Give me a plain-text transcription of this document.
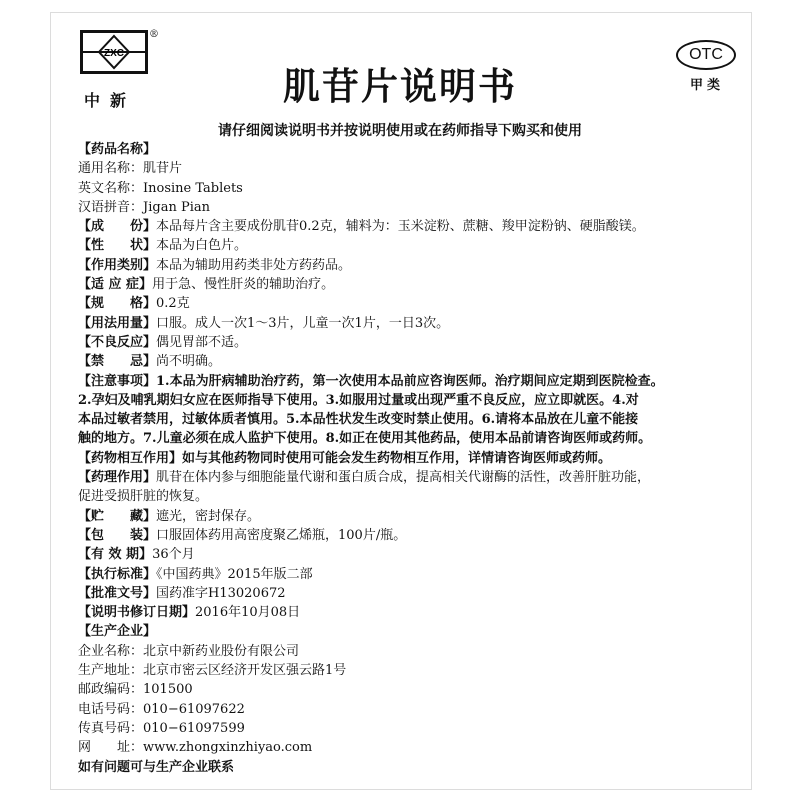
ZXC
®
中新
OTC
甲类
肌苷片说明书
请仔细阅读说明书并按说明使用或在药师指导下购买和使用
【药品名称】
通用名称：肌苷片
英文名称：Inosine Tablets
汉语拼音：Jigan Pian
【成　　份】本品每片含主要成份肌苷0.2克，辅料为：玉米淀粉、蔗糖、羧甲淀粉钠、硬脂酸镁。
【性　　状】本品为白色片。
【作用类别】本品为辅助用药类非处方药药品。
【适 应 症】用于急、慢性肝炎的辅助治疗。
【规　　格】0.2克
【用法用量】口服。成人一次1～3片，儿童一次1片，一日3次。
【不良反应】偶见胃部不适。
【禁　　忌】尚不明确。
【注意事项】1.本品为肝病辅助治疗药，第一次使用本品前应咨询医师。治疗期间应定期到医院检查。
2.孕妇及哺乳期妇女应在医师指导下使用。3.如服用过量或出现严重不良反应，应立即就医。4.对
本品过敏者禁用，过敏体质者慎用。5.本品性状发生改变时禁止使用。6.请将本品放在儿童不能接
触的地方。7.儿童必须在成人监护下使用。8.如正在使用其他药品，使用本品前请咨询医师或药师。
【药物相互作用】如与其他药物同时使用可能会发生药物相互作用，详情请咨询医师或药师。
【药理作用】肌苷在体内参与细胞能量代谢和蛋白质合成，提高相关代谢酶的活性，改善肝脏功能，
促进受损肝脏的恢复。
【贮　　藏】遮光，密封保存。
【包　　装】口服固体药用高密度聚乙烯瓶，100片/瓶。
【有 效 期】36个月
【执行标准】《中国药典》2015年版二部
【批准文号】国药准字H13020672
【说明书修订日期】2016年10月08日
【生产企业】
企业名称：北京中新药业股份有限公司
生产地址：北京市密云区经济开发区强云路1号
邮政编码：101500
电话号码：010−61097622
传真号码：010−61097599
网　　址：www.zhongxinzhiyao.com
如有问题可与生产企业联系
